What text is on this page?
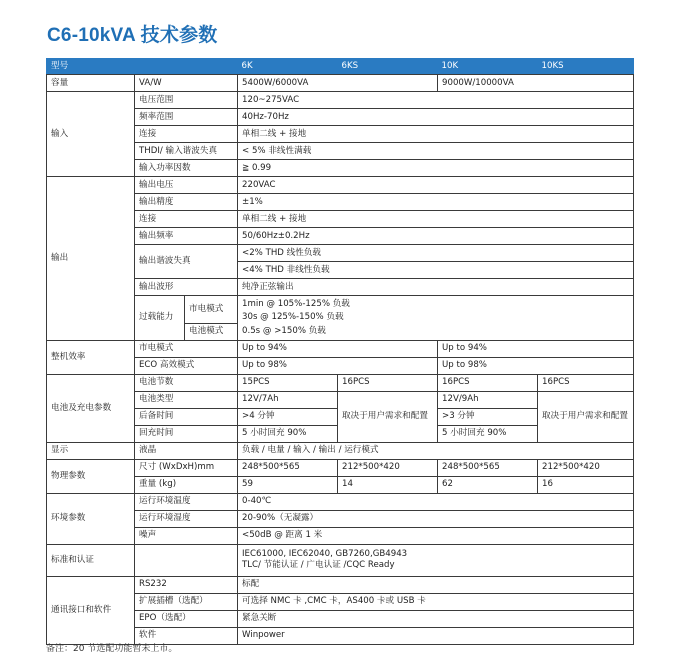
C6-10kVA 技术参数
型号			6K	6KS	10K	10KS
容量	VA/W		5400W/6000VA		9000W/10000VA	
输入	电压范围		120~275VAC			
	频率范围		40Hz-70Hz			
	连接		单相二线 + 接地			
	THDI/ 输入谐波失真		< 5% 非线性满载			
	输入功率因数		≧ 0.99			
输出	输出电压		220VAC			
	输出精度		±1%			
	连接		单相二线 + 接地			
	输出频率		50/60Hz±0.2Hz			
	输出谐波失真		<2% THD 线性负载			
			<4% THD 非线性负载			
	输出波形		纯净正弦输出			
	过载能力	市电模式	1min @ 105%-125% 负载			
			30s @ 125%-150% 负载			
		电池模式	0.5s @ >150% 负载			
整机效率	市电模式		Up to 94%		Up to 94%	
	ECO 高效模式		Up to 98%		Up to 98%	
电池及充电参数	电池节数		15PCS	16PCS	16PCS	16PCS
	电池类型		12V/7Ah	取决于用户需求和配置	12V/9Ah	取决于用户需求和配置
	后备时间		>4 分钟		>3 分钟	
	回充时间		5 小时回充 90%		5 小时回充 90%	
显示	液晶		负载 / 电量 / 输入 / 输出 / 运行模式			
物理参数	尺寸 (WxDxH)mm		248*500*565	212*500*420	248*500*565	212*500*420
	重量 (kg)		59	14	62	16
环境参数	运行环境温度		0-40℃			
	运行环境湿度		20-90%（无凝露）			
	噪声		<50dB @ 距离 1 米			
标准和认证			IEC61000, IEC62040, GB7260,GB4943
TLC/ 节能认证 / 广电认证 /CQC Ready			

通讯接口和软件	RS232		标配			
	扩展插槽（选配）		可选择 NMC 卡 ,CMC 卡，AS400 卡或 USB 卡			
	EPO（选配）		紧急关断			
	软件		Winpower			
备注：20 节选配功能暂未上市。
